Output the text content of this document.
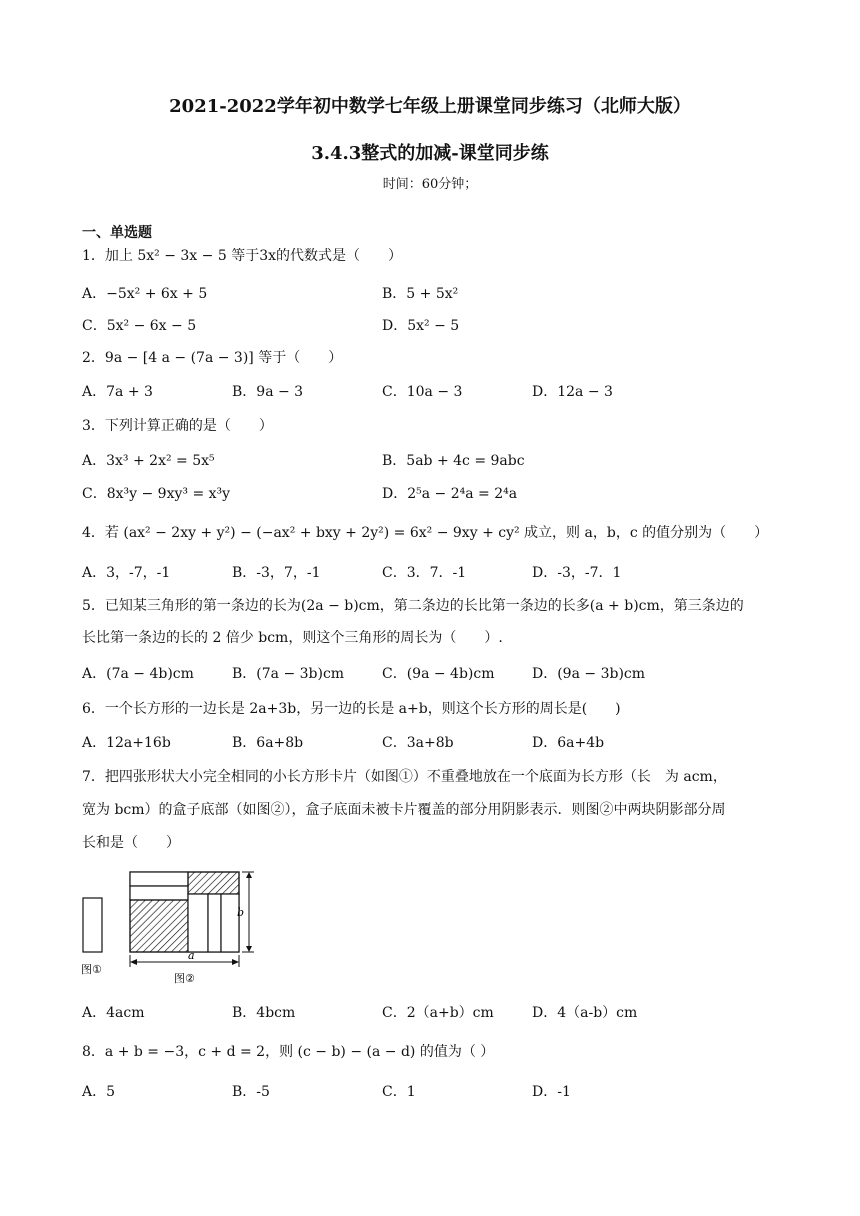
2021-2022学年初中数学七年级上册课堂同步练习（北师大版）
3.4.3整式的加减-课堂同步练
时间：60分钟；
一、单选题
1．加上 5x² − 3x − 5 等于3x的代数式是（　　）
A．−5x² + 6x + 5	B．5 + 5x²
C．5x² − 6x − 5	D．5x² − 5
2．9a − [4 a − (7a − 3)] 等于（　　）
A．7a + 3	B．9a − 3	C．10a − 3	D．12a − 3
3．下列计算正确的是（　　）
A．3x³ + 2x² = 5x⁵	B．5ab + 4c = 9abc
C．8x³y − 9xy³ = x³y	D．2⁵a − 2⁴a = 2⁴a
4．若 (ax² − 2xy + y²) − (−ax² + bxy + 2y²) = 6x² − 9xy + cy² 成立，则 a，b，c 的值分别为（　　）
A．3，-7，-1	B．-3，7，-1	C．3．7．-1	D．-3，-7．1
5．已知某三角形的第一条边的长为(2a − b)cm，第二条边的长比第一条边的长多(a + b)cm，第三条边的
长比第一条边的长的 2 倍少 bcm，则这个三角形的周长为（　　）.
A．(7a − 4b)cm	B．(7a − 3b)cm	C．(9a − 4b)cm	D．(9a − 3b)cm
6．一个长方形的一边长是 2a+3b，另一边的长是 a+b，则这个长方形的周长是(　　)
A．12a+16b	B．6a+8b	C．3a+8b	D．6a+4b
7．把四张形状大小完全相同的小长方形卡片（如图①）不重叠地放在一个底面为长方形（长　为 acm，
宽为 bcm）的盒子底部（如图②），盒子底面未被卡片覆盖的部分用阴影表示．则图②中两块阴影部分周
长和是（　　）
b
a
图①
图②
A．4acm	B．4bcm	C．2（a+b）cm	D．4（a-b）cm
8．a + b = −3，c + d = 2，则 (c − b) − (a − d) 的值为（ ）
A．5	B．-5	C．1	D．-1
